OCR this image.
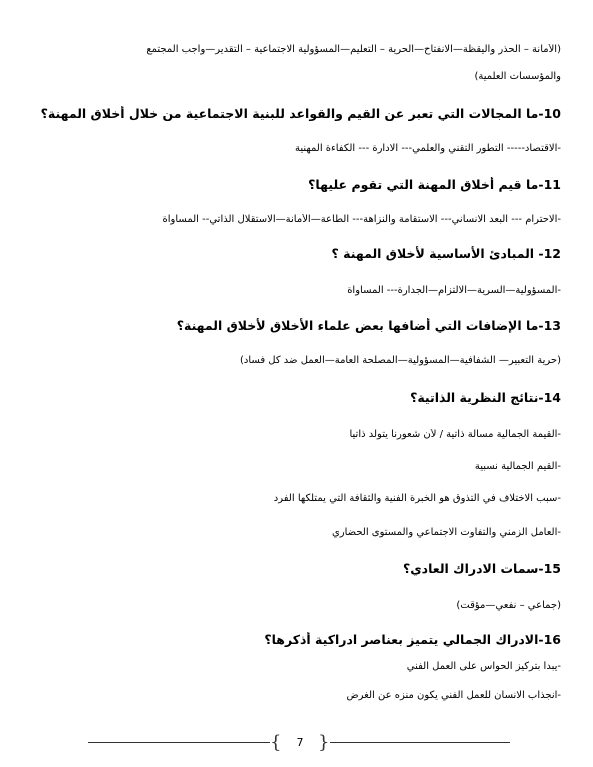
(الأمانة – الحذر واليقظة—الانفتاح—الحرية – التعليم—المسؤولية الاجتماعية – التقدير—واجب المجتمع
والمؤسسات العلمية)
10-ما المجالات التي تعبر عن القيم والقواعد للبنية الاجتماعية من خلال أخلاق المهنة؟
-الاقتصاد----- التطور التقني والعلمي--- الادارة --- الكفاءة المهنية
11-ما قيم أخلاق المهنة التي تقوم عليها؟
-الاحترام --- البعد الانساني--- الاستقامة والنزاهة--- الطاعة—الأمانة—الاستقلال الذاتي-- المساواة
12- المبادئ الأساسية لأخلاق المهنة ؟
-المسؤولية—السرية—الالتزام—الجدارة--- المساواة
13-ما الإضافات التي أضافها بعض علماء الأخلاق لأخلاق المهنة؟
(حرية التعبير— الشفافية—المسؤولية—المصلحة العامة—العمل ضد كل فساد)
14-نتائج النظرية الذاتية؟
-القيمة الجمالية مسالة ذاتية / لأن شعورنا يتولد ذاتيا
-القيم الجمالية نسبية
-سبب الاختلاف في التذوق هو الخبرة الفنية والثقافة التي يمتلكها الفرد
-العامل الزمني والتفاوت الاجتماعي والمستوى الحضاري
15-سمات الادراك العادي؟
(جماعي – نفعي—مؤقت)
16-الادراك الجمالي يتميز بعناصر ادراكية أذكرها؟
-يبدأ بتركيز الحواس على العمل الفني
-انجذاب الانسان للعمل الفني يكون منزه عن الغرض
{	7 }
